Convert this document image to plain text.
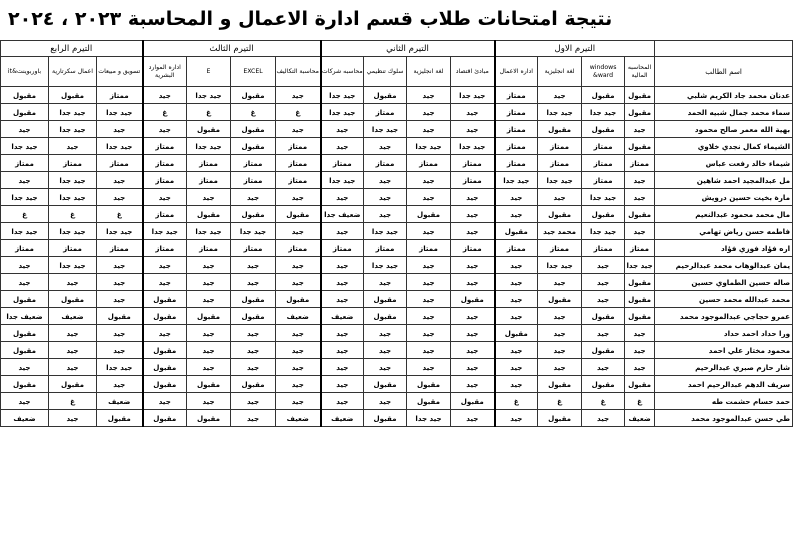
نتيجة امتحانات طلاب قسم ادارة الاعمال و المحاسبة ٢٠٢٣ ، ٢٠٢٤
	التيرم الاول				التيرم الثاني				التيرم الثالث				التيرم الرابع		
اسم الطالب	المحاسبه المالية	windows &ward	لغة انجليزية	اداره الاعمال	مبادئ اقتصاد	لغة انجليزية	سلوك تنظيمي	محاسبه شركات	محاسبة التكاليف	EXCEL	E	اداره الموارد البشرية	تسويق و مبيعات	اعمال سكرتارية	باوربوينت&it
عدنان محمد جاد الكريم شلبي	مقبول	مقبول	جيد	ممتاز	جيد جدا	جيد	مقبول	جيد جدا	جيد	مقبول	جيد جدا	جيد	ممتاز	مقبول	مقبول
سماء محمد جمال شبيه الحمد	مقبول	جيد جدا	جيد جدا	ممتاز	جيد	جيد	ممتاز	جيد جدا	غ	غ	غ	غ	جيد جدا	جيد جدا	مقبول
بهية الله معمر صالح محمود	جيد	مقبول	مقبول	ممتاز	جيد	جيد	جيد جدا	جيد	جيد	مقبول	مقبول	جيد	جيد	جيد جدا	جيد
الشيماء كمال نجدي خلاوي	مقبول	ممتاز	ممتاز	ممتاز	جيد جدا	جيد جدا	جيد	جيد	ممتاز	مقبول	جيد جدا	ممتاز	جيد جدا	جيد	جيد جدا
شيماء خالد رفعت عباس	ممتاز	ممتاز	ممتاز	ممتاز	ممتاز	ممتاز	ممتاز	ممتاز	ممتاز	ممتاز	ممتاز	ممتاز	ممتاز	ممتاز	ممتاز
مل عبدالمجيد احمد شاهين	جيد	ممتاز	جيد جدا	جيد جدا	ممتاز	جيد	جيد	جيد جدا	ممتاز	ممتاز	ممتاز	ممتاز	جيد	جيد جدا	جيد
مارة بخيت حسين درويش	جيد	جيد جدا	جيد	جيد	جيد	جيد	جيد	جيد	جيد	جيد	جيد	جيد	جيد	جيد جدا	جيد جدا
مال محمد محمود عبدالنعيم	مقبول	مقبول	مقبول	جيد	جيد	مقبول	جيد	ضعيف جدا	مقبول	مقبول	مقبول	ممتاز	غ	غ	غ
فاطمه حسن رياض تهامي	جيد	جيد جدا	محمد جيد	مقبول	جيد	جيد	جيد جدا	جيد	جيد	جيد جدا	جيد جدا	جيد جدا	جيد جدا	جيد جدا	جيد جدا
اره فؤاد فوزي فؤاد	ممتاز	ممتاز	ممتاز	ممتاز	ممتاز	ممتاز	ممتاز	ممتاز	ممتاز	ممتاز	ممتاز	ممتاز	ممتاز	ممتاز	ممتاز
يمان عبدالوهاب محمد عبدالرحيم	جيد جدا	جيد	جيد جدا	جيد	جيد	جيد	جيد جدا	جيد	جيد	جيد	جيد	جيد	جيد	جيد جدا	جيد
صاله حسين الطماوي حسين	مقبول	جيد	جيد	جيد	جيد	جيد	جيد	جيد	جيد	جيد	جيد	جيد	جيد	جيد	جيد
محمد عبدالله محمد حسين	مقبول	جيد	مقبول	جيد	مقبول	جيد	مقبول	جيد	مقبول	مقبول	جيد	مقبول	جيد	مقبول	مقبول
عمرو حجاجي عبدالموجود محمد	مقبول	مقبول	جيد	جيد	جيد	جيد	مقبول	ضعيف	ضعيف	مقبول	مقبول	مقبول	مقبول	ضعيف	ضعيف جدا
ورا حداد احمد حداد	جيد	جيد	جيد	مقبول	جيد	جيد	جيد	جيد	جيد	جيد	جيد	جيد	جيد	جيد	مقبول
محمود مختار علي احمد	جيد	مقبول	جيد	جيد	جيد	جيد	جيد	جيد	جيد	جيد	جيد	مقبول	جيد	جيد	مقبول
شار حازم صبري عبدالرحيم	جيد	جيد	جيد	جيد	جيد	جيد	جيد	جيد	جيد	جيد	جيد	مقبول	جيد جدا	جيد	جيد
سريف الدهم عبدالرحيم احمد	مقبول	مقبول	مقبول	جيد	جيد	مقبول	مقبول	جيد	جيد	مقبول	مقبول	مقبول	جيد	مقبول	مقبول
حمد حسام حشمت طه	غ	غ	غ	غ	مقبول	مقبول	جيد	جيد	جيد	جيد	جيد	جيد	ضعيف	غ	جيد
طي حسن عبدالموجود محمد	ضعيف	جيد	مقبول	جيد	جيد	جيد جدا	مقبول	ضعيف	ضعيف	جيد	مقبول	مقبول	مقبول	جيد	ضعيف
